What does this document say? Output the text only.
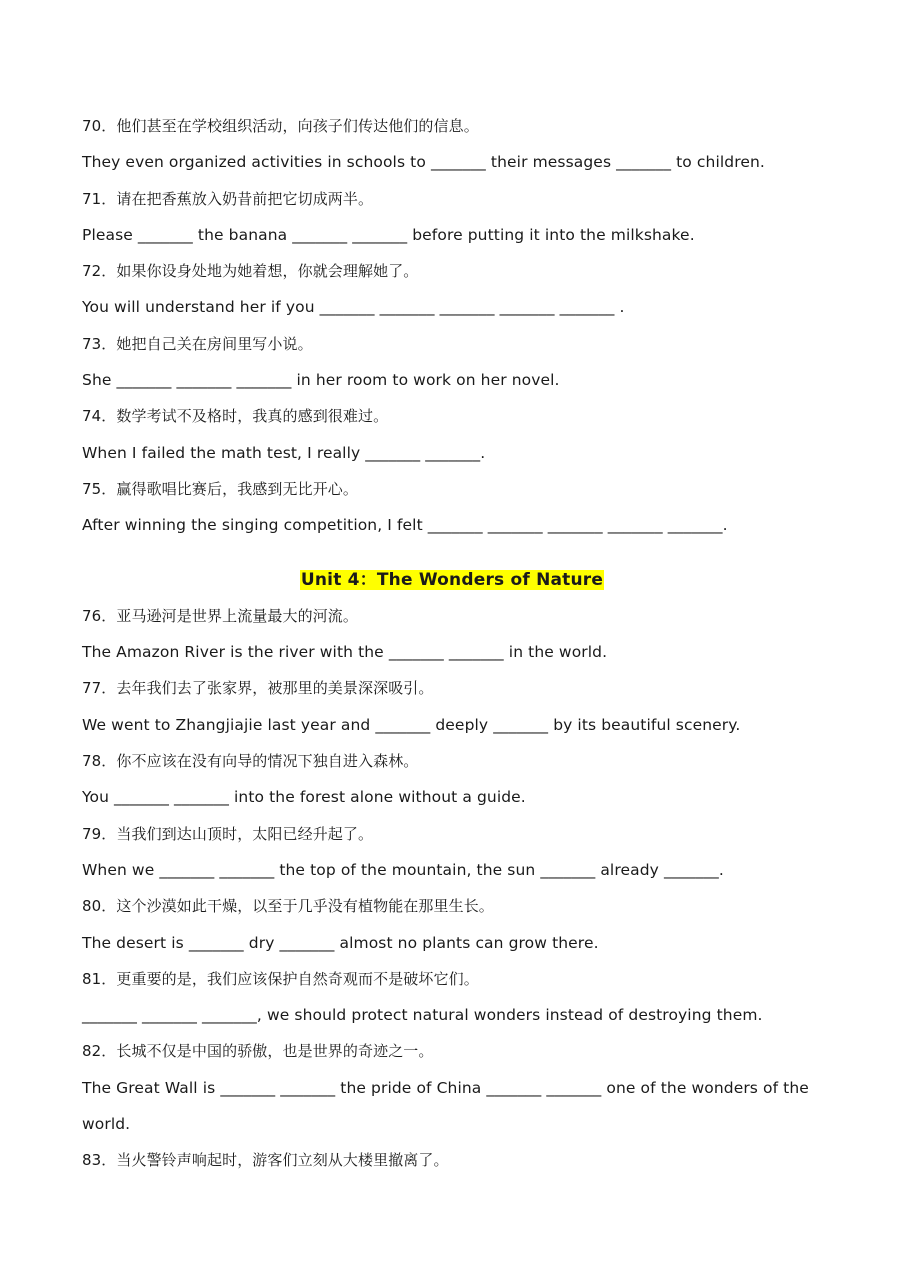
70．他们甚至在学校组织活动，向孩子们传达他们的信息。
They even organized activities in schools to _______ their messages _______ to children.
71．请在把香蕉放入奶昔前把它切成两半。
Please _______ the banana _______ _______ before putting it into the milkshake.
72．如果你设身处地为她着想，你就会理解她了。
You will understand her if you _______ _______ _______ _______ _______ .
73．她把自己关在房间里写小说。
She _______ _______ _______ in her room to work on her novel.
74．数学考试不及格时，我真的感到很难过。
When I failed the math test, I really _______ _______.
75．赢得歌唱比赛后，我感到无比开心。
After winning the singing competition, I felt _______ _______ _______ _______ _______.
Unit 4：The Wonders of Nature
76．亚马逊河是世界上流量最大的河流。
The Amazon River is the river with the _______ _______ in the world.
77．去年我们去了张家界，被那里的美景深深吸引。
We went to Zhangjiajie last year and _______ deeply _______ by its beautiful scenery.
78．你不应该在没有向导的情况下独自进入森林。
You _______ _______ into the forest alone without a guide.
79．当我们到达山顶时，太阳已经升起了。
When we _______ _______ the top of the mountain, the sun _______ already _______.
80．这个沙漠如此干燥，以至于几乎没有植物能在那里生长。
The desert is _______ dry _______ almost no plants can grow there.
81．更重要的是，我们应该保护自然奇观而不是破坏它们。
_______ _______ _______, we should protect natural wonders instead of destroying them.
82．长城不仅是中国的骄傲，也是世界的奇迹之一。
The Great Wall is _______ _______ the pride of China _______ _______ one of the wonders of the
world.
83．当火警铃声响起时，游客们立刻从大楼里撤离了。
